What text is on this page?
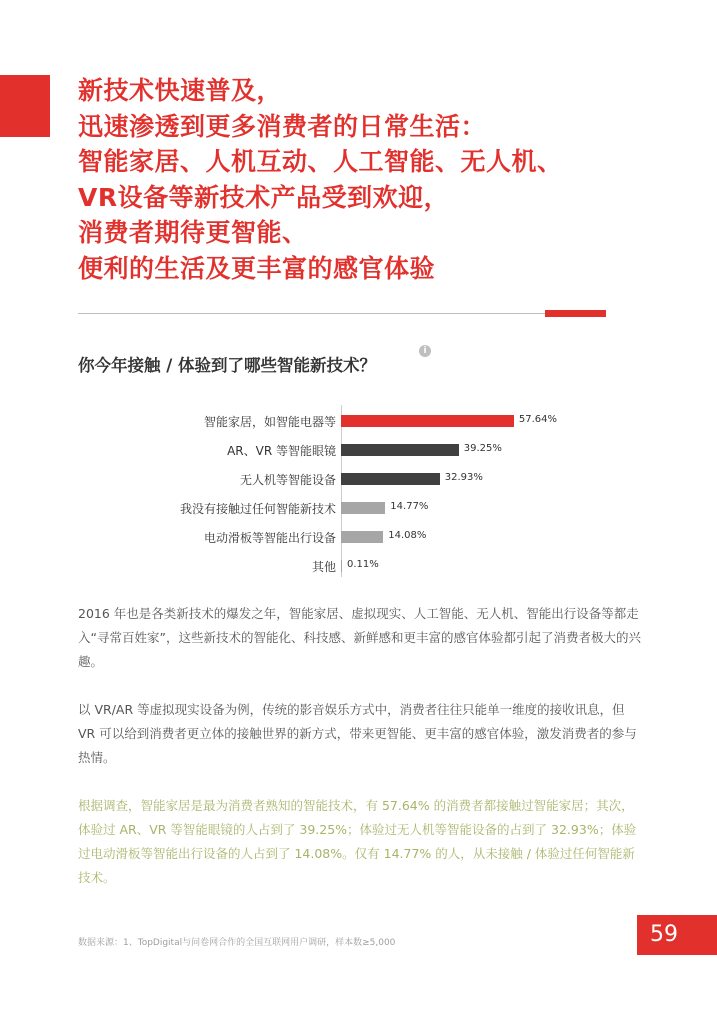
新技术快速普及，
迅速渗透到更多消费者的日常生活：
智能家居、人机互动、人工智能、无人机、
VR设备等新技术产品受到欢迎，
消费者期待更智能、
便利的生活及更丰富的感官体验
你今年接触 / 体验到了哪些智能新技术？
i
智能家居，如智能电器等	57.64%
AR、VR 等智能眼镜	39.25%
无人机等智能设备	32.93%
我没有接触过任何智能新技术	14.77%
电动滑板等智能出行设备	14.08%
其他 0.11%

2016 年也是各类新技术的爆发之年，智能家居、虚拟现实、人工智能、无人机、智能出行设备等都走入“寻常百姓家”，这些新技术的智能化、科技感、新鲜感和更丰富的感官体验都引起了消费者极大的兴趣。

以 VR/AR 等虚拟现实设备为例，传统的影音娱乐方式中，消费者往往只能单一维度的接收讯息，但 VR 可以给到消费者更立体的接触世界的新方式，带来更智能、更丰富的感官体验，激发消费者的参与热情。

根据调查，智能家居是最为消费者熟知的智能技术，有 57.64% 的消费者都接触过智能家居；其次，体验过 AR、VR 等智能眼镜的人占到了 39.25%；体验过无人机等智能设备的占到了 32.93%；体验过电动滑板等智能出行设备的人占到了 14.08%。仅有 14.77% 的人，从未接触 / 体验过任何智能新技术。

数据来源：1、TopDigital与问卷网合作的全国互联网用户调研，样本数≥5,000	59
